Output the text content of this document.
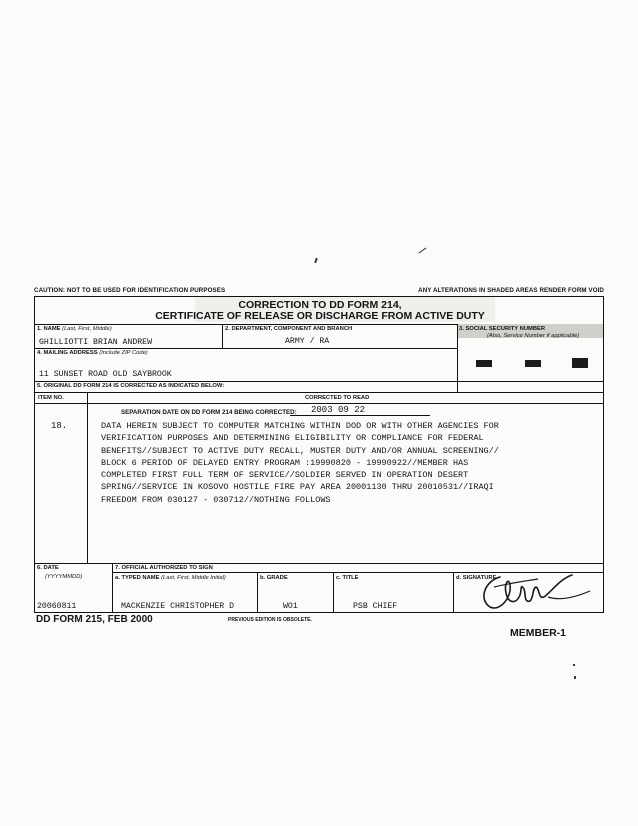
CAUTION: NOT TO BE USED FOR IDENTIFICATION PURPOSES	ANY ALTERATIONS IN SHADED AREAS RENDER FORM VOID
CORRECTION TO DD FORM 214,
CERTIFICATE OF RELEASE OR DISCHARGE FROM ACTIVE DUTY
1. NAME (Last, First, Middle)
GHILLIOTTI BRIAN ANDREW
2. DEPARTMENT, COMPONENT AND BRANCH
ARMY / RA
3. SOCIAL SECURITY NUMBER
(Also, Service Number if applicable)
4. MAILING ADDRESS (Include ZIP Code)
11 SUNSET ROAD OLD SAYBROOK
5. ORIGINAL DD FORM 214 IS CORRECTED AS INDICATED BELOW:
ITEM NO.	CORRECTED TO READ
SEPARATION DATE ON DD FORM 214 BEING CORRECTED: 2003 09 22
18.	DATA HEREIN SUBJECT TO COMPUTER MATCHING WITHIN DOD OR WITH OTHER AGENCIES FOR
VERIFICATION PURPOSES AND DETERMINING ELIGIBILITY OR COMPLIANCE FOR FEDERAL
BENEFITS//SUBJECT TO ACTIVE DUTY RECALL, MUSTER DUTY AND/OR ANNUAL SCREENING//
BLOCK 6 PERIOD OF DELAYED ENTRY PROGRAM :19990820 - 19990922//MEMBER HAS
COMPLETED FIRST FULL TERM OF SERVICE//SOLDIER SERVED IN OPERATION DESERT
SPRING//SERVICE IN KOSOVO HOSTILE FIRE PAY AREA 20001130 THRU 20010531//IRAQI
FREEDOM FROM 030127 - 030712//NOTHING FOLLOWS
6. DATE
(YYYYMMDD)
20060811
7. OFFICIAL AUTHORIZED TO SIGN
a. TYPED NAME (Last, First, Middle Initial)
MACKENZIE CHRISTOPHER D
b. GRADE
WO1
c. TITLE
PSB CHIEF
d. SIGNATURE
DD FORM 215, FEB 2000	PREVIOUS EDITION IS OBSOLETE.
MEMBER-1
